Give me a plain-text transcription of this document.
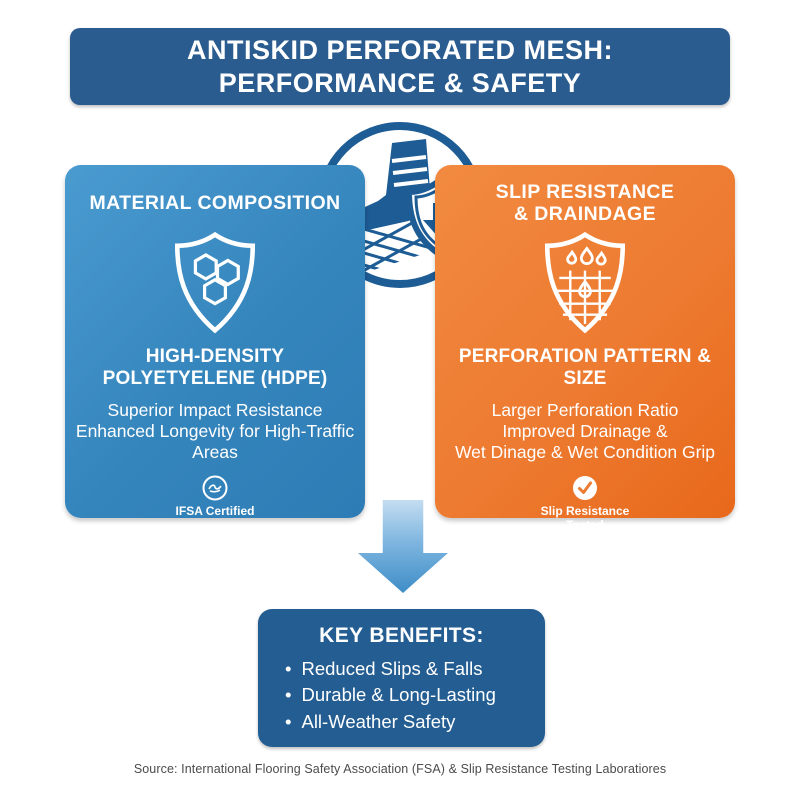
ANTISKID PERFORATED MESH:
PERFORMANCE & SAFETY
MATERIAL COMPOSITION
HIGH-DENSITY
POLYETYELENE (HDPE)
Superior Impact Resistance
Enhanced Longevity for High-Traffic
Areas
IFSA Certified
SLIP RESISTANCE
& DRAINDAGE
PERFORATION PATTERN &
SIZE
Larger Perforation Ratio
Improved Drainage &
Wet Dinage & Wet Condition Grip
Slip Resistance
Tested
KEY BENEFITS:
• Reduced Slips & Falls
• Durable & Long-Lasting
• All-Weather Safety
Source: International Flooring Safety Association (FSA) & Slip Resistance Testing Laboratiores
